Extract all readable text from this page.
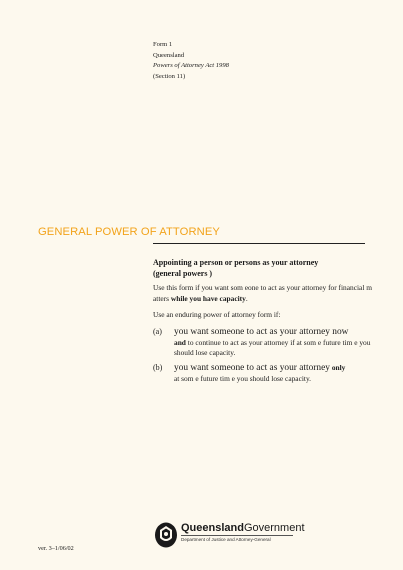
Form 1
Queensland
Powers of Attorney Act 1998
(Section 11)
GENERAL POWER OF ATTORNEY
Appointing a person or persons as your attorney
(general powers )
Use this form if you want som eone to act as your attorney for financial m atters while you have capacity.
Use an enduring power of attorney form if:
(a) you want someone to act as your attorney now
and to continue to act as your attorney if at som e future tim e you should lose capacity.
(b) you want someone to act as your attorney only
at som e future tim e you should lose capacity.
ver. 3–1/06/02
QueenslandGovernment
Department of Justice and Attorney-General
